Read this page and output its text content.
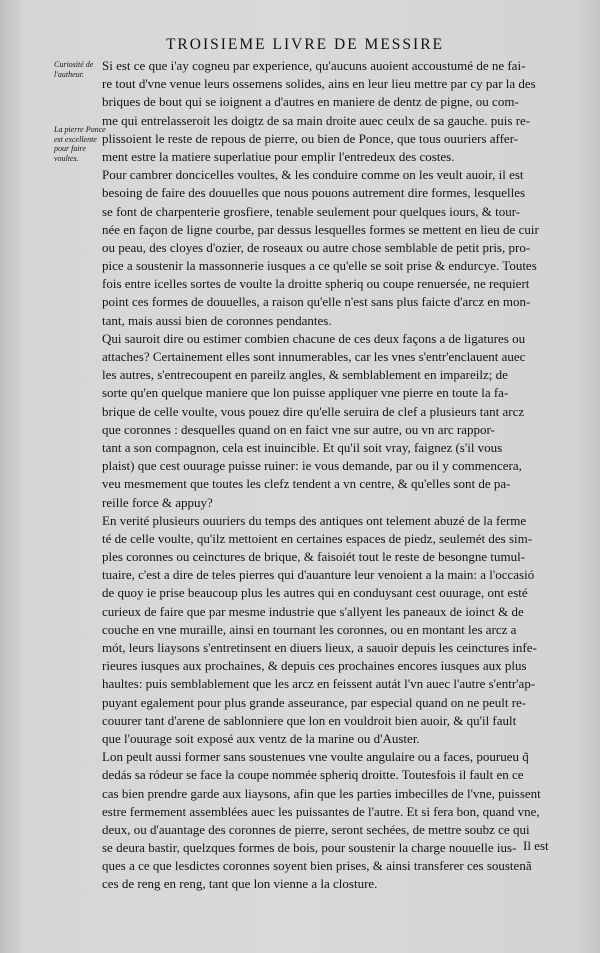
TROISIEME LIVRE DE MESSIRE
Curiosité de l'autheur.
La pierre Ponce est excellente pour faire voultes.
Si est ce que i'ay cogneu par experience, qu'aucuns auoient accoustumé de ne fai-
re tout d'vne venue leurs ossemens solides, ains en leur lieu mettre par cy par la des
briques de bout qui se ioignent a d'autres en maniere de dentz de pigne, ou com-
me qui entrelasseroit les doigtz de sa main droite auec ceulx de sa gauche. puis re-
plissoient le reste de repous de pierre, ou bien de Ponce, que tous ouuriers affer-
ment estre la matiere superlatiue pour emplir l'entredeux des costes.
Pour cambrer doncicelles voultes, & les conduire comme on les veult auoir, il est
besoing de faire des douuelles que nous pouons autrement dire formes, lesquelles
se font de charpenterie grosfiere, tenable seulement pour quelques iours, & tour-
née en façon de ligne courbe, par dessus lesquelles formes se mettent en lieu de cuir
ou peau, des cloyes d'ozier, de roseaux ou autre chose semblable de petit pris, pro-
pice a soustenir la massonnerie iusques a ce qu'elle se soit prise & endurcye. Toutes
fois entre icelles sortes de voulte la droitte spheriq ou coupe renuersée, ne requiert
point ces formes de douuelles, a raison qu'elle n'est sans plus faicte d'arcz en mon-
tant, mais aussi bien de coronnes pendantes.
Qui sauroit dire ou estimer combien chacune de ces deux façons a de ligatures ou
attaches? Certainement elles sont innumerables, car les vnes s'entr'enclauent auec
les autres, s'entrecoupent en pareilz angles, & semblablement en impareilz; de
sorte qu'en quelque maniere que lon puisse appliquer vne pierre en toute la fa-
brique de celle voulte, vous pouez dire qu'elle seruira de clef a plusieurs tant arcz
que coronnes : desquelles quand on en faict vne sur autre, ou vn arc rappor-
tant a son compagnon, cela est inuincible. Et qu'il soit vray, faignez (s'il vous
plaist) que cest ouurage puisse ruiner: ie vous demande, par ou il y commencera,
veu mesmement que toutes les clefz tendent a vn centre, & qu'elles sont de pa-
reille force & appuy?
En verité plusieurs ouuriers du temps des antiques ont telement abuzé de la ferme
té de celle voulte, qu'ilz mettoient en certaines espaces de piedz, seulemét des sim-
ples coronnes ou ceinctures de brique, & faisoiét tout le reste de besongne tumul-
tuaire, c'est a dire de teles pierres qui d'auanture leur venoient a la main: a l'occasió
de quoy ie prise beaucoup plus les autres qui en conduysant cest ouurage, ont esté
curieux de faire que par mesme industrie que s'allyent les paneaux de ioinct & de
couche en vne muraille, ainsi en tournant les coronnes, ou en montant les arcz a
mót, leurs liaysons s'entretinsent en diuers lieux, a sauoir depuis les ceinctures infe-
rieures iusques aux prochaines, & depuis ces prochaines encores iusques aux plus
haultes: puis semblablement que les arcz en feissent autát l'vn auec l'autre s'entr'ap-
puyant egalement pour plus grande asseurance, par especial quand on ne peult re-
couurer tant d'arene de sablonniere que lon en vouldroit bien auoir, & qu'il fault
que l'ouurage soit exposé aux ventz de la marine ou d'Auster.
Lon peult aussi former sans soustenues vne voulte angulaire ou a faces, pourueu q̃
dedás sa ródeur se face la coupe nommée spheriq droitte. Toutesfois il fault en ce
cas bien prendre garde aux liaysons, afin que les parties imbecilles de l'vne, puissent
estre fermement assemblées auec les puissantes de l'autre. Et si fera bon, quand vne,
deux, ou d'auantage des coronnes de pierre, seront sechées, de mettre soubz ce qui
se deura bastir, quelzques formes de bois, pour soustenir la charge nouuelle ius-
ques a ce que lesdictes coronnes soyent bien prises, & ainsi transferer ces soustenã
ces de reng en reng, tant que lon vienne a la closture.
Il est
